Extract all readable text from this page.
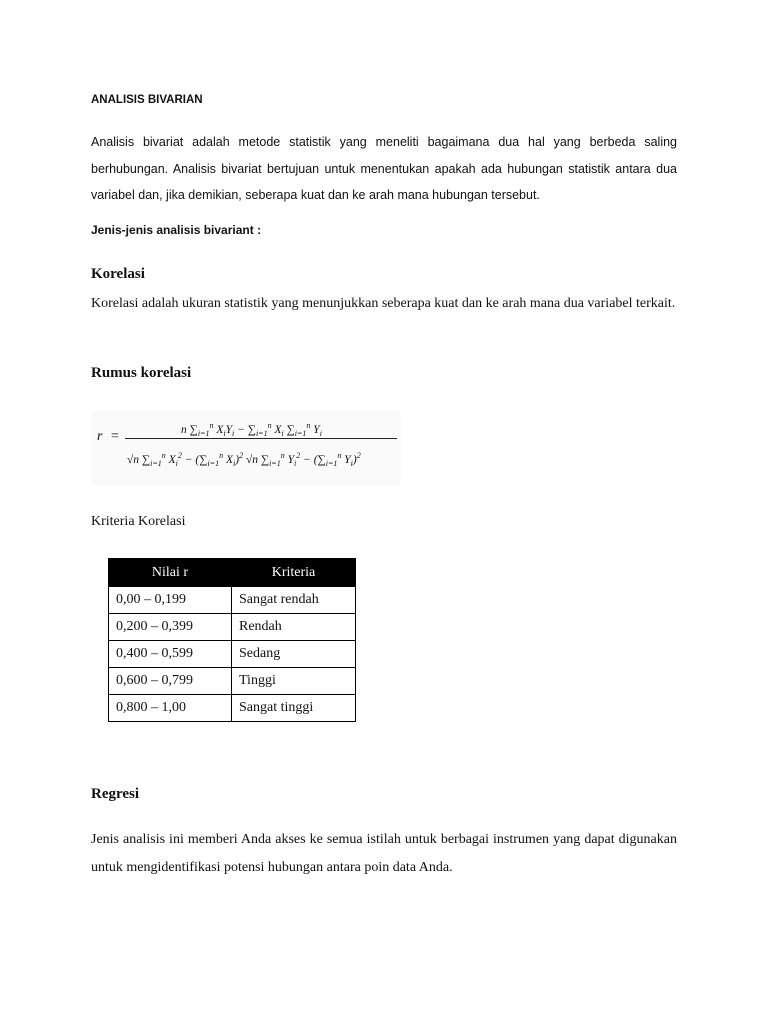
ANALISIS BIVARIAN

Analisis bivariat adalah metode statistik yang meneliti bagaimana dua hal yang berbeda saling berhubungan. Analisis bivariat bertujuan untuk menentukan apakah ada hubungan statistik antara dua variabel dan, jika demikian, seberapa kuat dan ke arah mana hubungan tersebut.

Jenis-jenis analisis bivariant :
Korelasi

Korelasi adalah ukuran statistik yang menunjukkan seberapa kuat dan ke arah mana dua variabel terkait.

Rumus korelasi
r =	n $\sum_{i=1}^n$ $X_iY_i - \sum_{i=1}^n$ $X_i$ $\sum_{i=1}^n$ $Y_i$
√n $\sum_{i=1}^n$ $X_i^2 - (\sum_{i=1}^n$ $X_i)^2$ √n $\sum_{i=1}^n$ $Y_i^2 - (\sum_{i=1}^n$ $Y_i)^2$
Kriteria Korelasi
Nilai r	Kriteria
0,00 – 0,199	Sangat rendah
0,200 – 0,399	Rendah
0,400 – 0,599	Sedang
0,600 – 0,799	Tinggi
0,800 – 1,00	Sangat tinggi
Regresi

Jenis analisis ini memberi Anda akses ke semua istilah untuk berbagai instrumen yang dapat digunakan untuk mengidentifikasi potensi hubungan antara poin data Anda.
